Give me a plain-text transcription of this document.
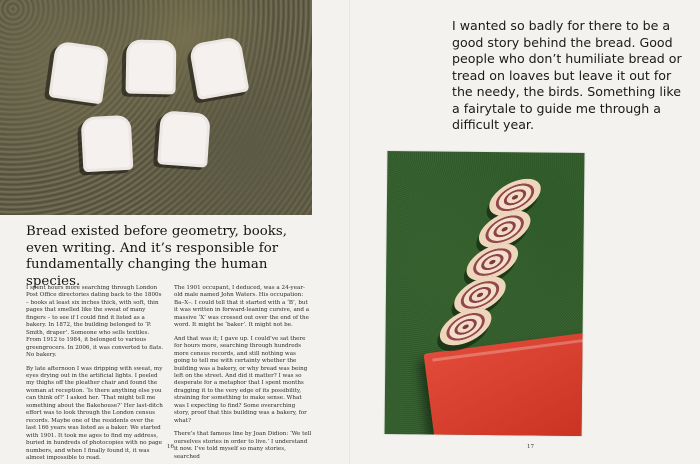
Bread existed before geometry, books, even writing. And it’s responsible for fundamentally changing the human species.

I spent hours more searching through London Post Office directories dating back to the 1800s – books at least six inches thick, with soft, thin pages that smelled like the sweat of many fingers – to see if I could find it listed as a bakery. In 1872, the building belonged to ‘P. Smith, draper’. Someone who sells textiles. From 1912 to 1984, it belonged to various greengrocers. In 2006, it was converted to flats. No bakery.

By late afternoon I was dripping with sweat, my eyes drying out in the artificial lights. I peeled my thighs off the pleather chair and found the woman at reception. ‘Is there anything else you can think of?’ I asked her. ‘That might tell me something about the Bakehouse?’ Her last-ditch effort was to look through the London census records. Maybe one of the residents over the last 166 years was listed as a baker. We started with 1901. It took me ages to find my address, buried in hundreds of photocopies with no page numbers, and when I finally found it, it was almost impossible to read.

The 1901 occupant, I deduced, was a 24-year-old male named John Waters. His occupation: Ba–X–. I could tell that it started with a ‘B’, but it was written in forward-leaning cursive, and a massive ‘X’ was crossed out over the end of the word. It might be ‘baker’. It might not be.

And that was it; I gave up. I could’ve sat there for hours more, searching through hundreds more census records, and still nothing was going to tell me with certainty whether the building was a bakery, or why bread was being left on the street. And did it matter? I was so desperate for a metaphor that I spent months dragging it to the very edge of its possibility, straining for something to make sense. What was I expecting to find? Some overarching story, proof that this building was a bakery, for what?

There’s that famous line by Joan Didion: ‘We tell ourselves stories in order to live.’ I understand it now. I’ve told myself so many stories, searched

16
I wanted so badly for there to be a good story behind the bread. Good people who don’t humiliate bread or tread on loaves but leave it out for the needy, the birds. Something like a fairytale to guide me through a difficult year.
17
